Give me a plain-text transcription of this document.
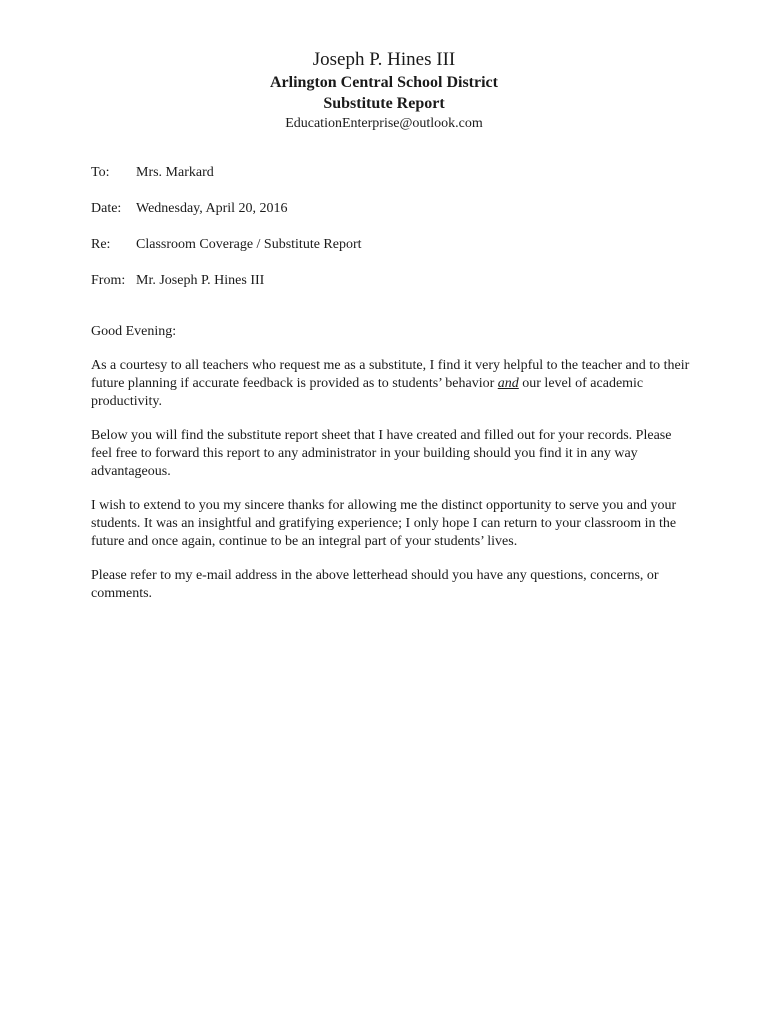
Joseph P. Hines III
Arlington Central School District
Substitute Report
EducationEnterprise@outlook.com
To:	Mrs. Markard
Date:	Wednesday, April 20, 2016
Re:	Classroom Coverage / Substitute Report
From: Mr. Joseph P. Hines III

Good Evening:

As a courtesy to all teachers who request me as a substitute, I find it very helpful to the teacher and to their future planning if accurate feedback is provided as to students’ behavior and our level of academic productivity.

Below you will find the substitute report sheet that I have created and filled out for your records. Please feel free to forward this report to any administrator in your building should you find it in any way advantageous.

I wish to extend to you my sincere thanks for allowing me the distinct opportunity to serve you and your students. It was an insightful and gratifying experience; I only hope I can return to your classroom in the future and once again, continue to be an integral part of your students’ lives.

Please refer to my e-mail address in the above letterhead should you have any questions, concerns, or comments.
